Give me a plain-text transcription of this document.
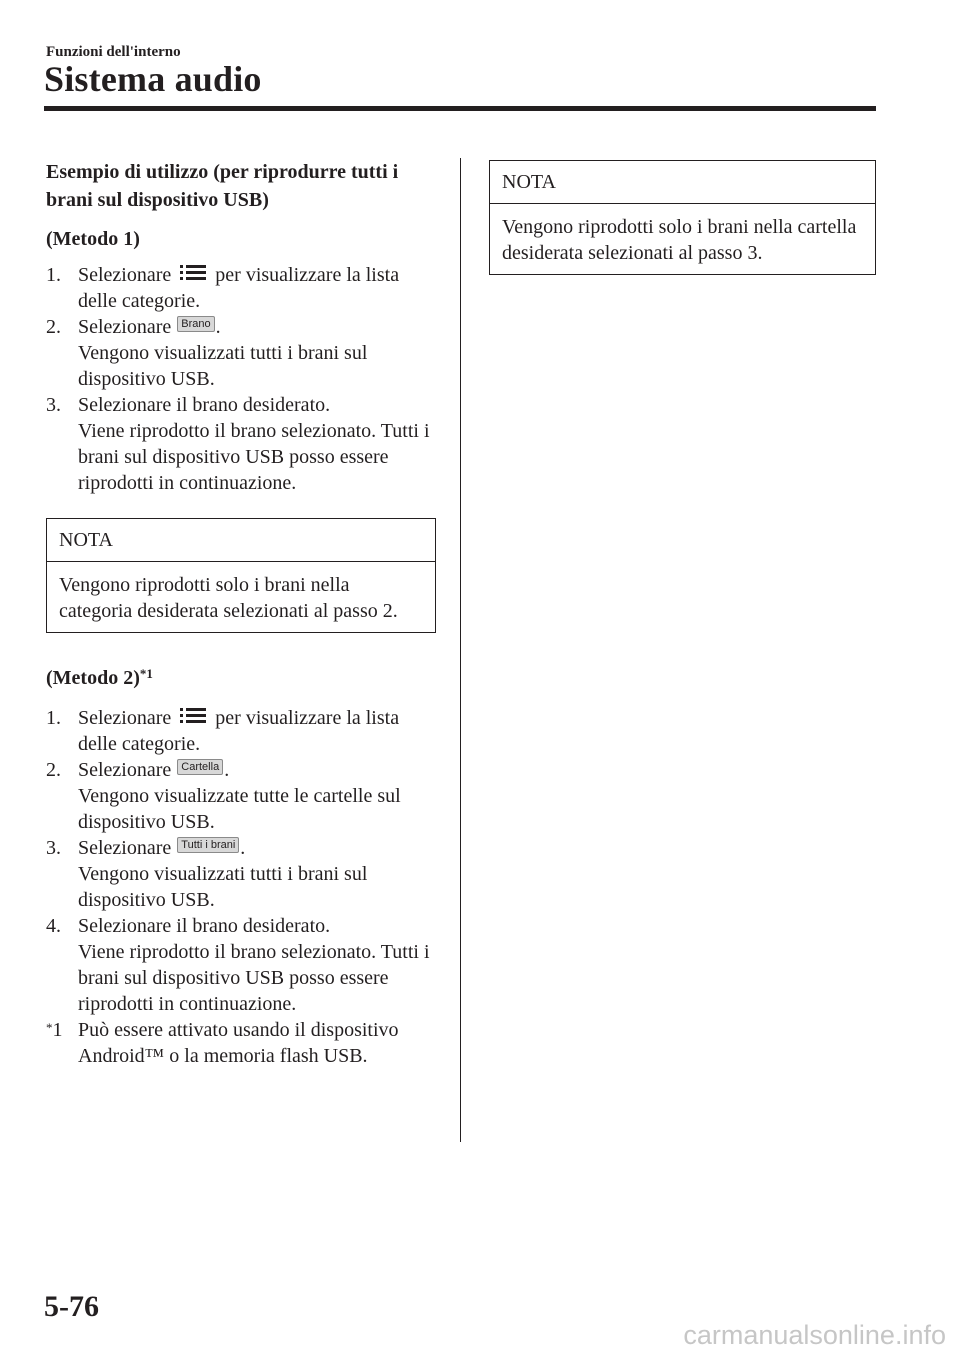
Funzioni dell'interno
Sistema audio

Esempio di utilizzo (per riprodurre tutti i brani sul dispositivo USB)

(Metodo 1)

1. Selezionare  per visualizzare la lista delle categorie.
2. Selezionare Brano .
Vengono visualizzati tutti i brani sul dispositivo USB.
3. Selezionare il brano desiderato.
Viene riprodotto il brano selezionato. Tutti i brani sul dispositivo USB posso essere riprodotti in continuazione.
NOTA
Vengono riprodotti solo i brani nella categoria desiderata selezionati al passo 2.

(Metodo 2)$^{*1}$

1. Selezionare  per visualizzare la lista delle categorie.
2. Selezionare Cartella .
Vengono visualizzate tutte le cartelle sul dispositivo USB.
3. Selezionare Tutti i brani .
Vengono visualizzati tutti i brani sul dispositivo USB.
4. Selezionare il brano desiderato.
Viene riprodotto il brano selezionato. Tutti i brani sul dispositivo USB posso essere riprodotti in continuazione.
*1 Può essere attivato usando il dispositivo Android™ o la memoria flash USB.
NOTA
Vengono riprodotti solo i brani nella cartella desiderata selezionati al passo 3.
5-76
carmanualsonline.info
